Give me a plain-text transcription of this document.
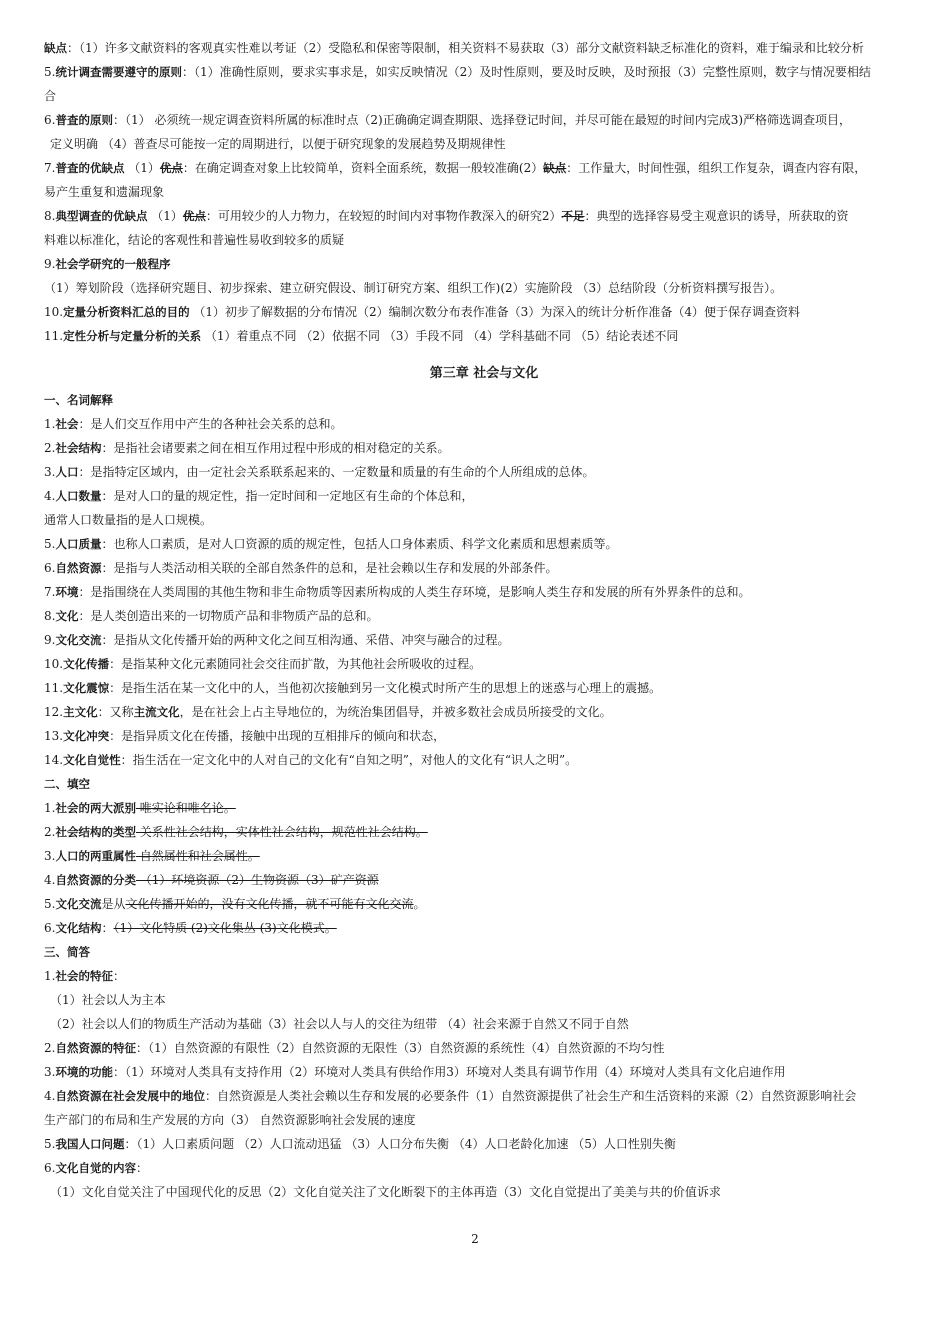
缺点：（1）许多文献资料的客观真实性难以考证（2）受隐私和保密等限制，相关资料不易获取（3）部分文献资料缺乏标准化的资料，难于编录和比较分析

5.统计调查需要遵守的原则：（1）准确性原则，要求实事求是，如实反映情况（2）及时性原则，要及时反映，及时预报（3）完整性原则，数字与情况要相结

合

6.普查的原则：（1） 必须统一规定调查资料所属的标准时点（2)正确确定调查期限、选择登记时间，并尽可能在最短的时间内完成3)严格筛选调查项目，

定义明确 （4）普查尽可能按一定的周期进行，以便于研究现象的发展趋势及期规律性

7.普查的优缺点 （1）优点：在确定调查对象上比较简单，资料全面系统，数据一般较准确(2）缺点：工作量大，时间性强，组织工作复杂，调查内容有限，

易产生重复和遗漏现象

8.典型调查的优缺点 （1）优点：可用较少的人力物力，在较短的时间内对事物作教深入的研究2）不足：典型的选择容易受主观意识的诱导，所获取的资

料难以标准化，结论的客观性和普遍性易收到较多的质疑

9.社会学研究的一般程序

（1）筹划阶段（选择研究题目、初步探索、建立研究假设、制订研究方案、组织工作)(2）实施阶段 （3）总结阶段（分析资料撰写报告）。

10.定量分析资料汇总的目的 （1）初步了解数据的分布情况（2）编制次数分布表作准备（3）为深入的统计分析作准备（4）便于保存调查资料

11.定性分析与定量分析的关系 （1）着重点不同 （2）依据不同 （3）手段不同 （4）学科基础不同 （5）结论表述不同

第三章 社会与文化

一、名词解释

1.社会：是人们交互作用中产生的各种社会关系的总和。

2.社会结构：是指社会诸要素之间在相互作用过程中形成的相对稳定的关系。

3.人口：是指特定区域内，由一定社会关系联系起来的、一定数量和质量的有生命的个人所组成的总体。

4.人口数量：是对人口的量的规定性，指一定时间和一定地区有生命的个体总和，

通常人口数量指的是人口规模。

5.人口质量：也称人口素质，是对人口资源的质的规定性，包括人口身体素质、科学文化素质和思想素质等。

6.自然资源：是指与人类活动相关联的全部自然条件的总和，是社会赖以生存和发展的外部条件。

7.环境：是指围绕在人类周围的其他生物和非生命物质等因素所构成的人类生存环境，是影响人类生存和发展的所有外界条件的总和。

8.文化：是人类创造出来的一切物质产品和非物质产品的总和。

9.文化交流：是指从文化传播开始的两种文化之间互相沟通、采借、冲突与融合的过程。

10.文化传播：是指某种文化元素随同社会交往而扩散，为其他社会所吸收的过程。

11.文化震惊：是指生活在某一文化中的人，当他初次接触到另一文化模式时所产生的思想上的迷惑与心理上的震撼。

12.主文化：又称主流文化，是在社会上占主导地位的，为统治集团倡导，并被多数社会成员所接受的文化。

13.文化冲突：是指异质文化在传播，接触中出现的互相排斥的倾向和状态，

14.文化自觉性：指生活在一定文化中的人对自己的文化有“自知之明”，对他人的文化有“识人之明”。

二、填空

1.社会的两大派别 唯实论和唯名论。

2.社会结构的类型 关系性社会结构，实体性社会结构，规范性社会结构。

3.人口的两重属性 自然属性和社会属性。

4.自然资源的分类 （1）环境资源（2）生物资源（3）矿产资源

5.文化交流是从文化传播开始的，没有文化传播，就不可能有文化交流。

6.文化结构：（1）文化特质 (2)文化集丛 (3)文化模式。

三、简答

1.社会的特征：

（1）社会以人为主本

（2）社会以人们的物质生产活动为基础（3）社会以人与人的交往为纽带 （4）社会来源于自然又不同于自然

2.自然资源的特征：（1）自然资源的有限性（2）自然资源的无限性（3）自然资源的系统性（4）自然资源的不均匀性

3.环境的功能：（1）环境对人类具有支持作用（2）环境对人类具有供给作用3）环境对人类具有调节作用（4）环境对人类具有文化启迪作用

4.自然资源在社会发展中的地位：自然资源是人类社会赖以生存和发展的必要条件（1）自然资源提供了社会生产和生活资料的来源（2）自然资源影响社会

生产部门的布局和生产发展的方向（3） 自然资源影响社会发展的速度

5.我国人口问题：（1）人口素质问题 （2）人口流动迅猛 （3）人口分布失衡 （4）人口老龄化加速 （5）人口性别失衡

6.文化自觉的内容：

（1）文化自觉关注了中国现代化的反思（2）文化自觉关注了文化断裂下的主体再造（3）文化自觉提出了美美与共的价值诉求

2
